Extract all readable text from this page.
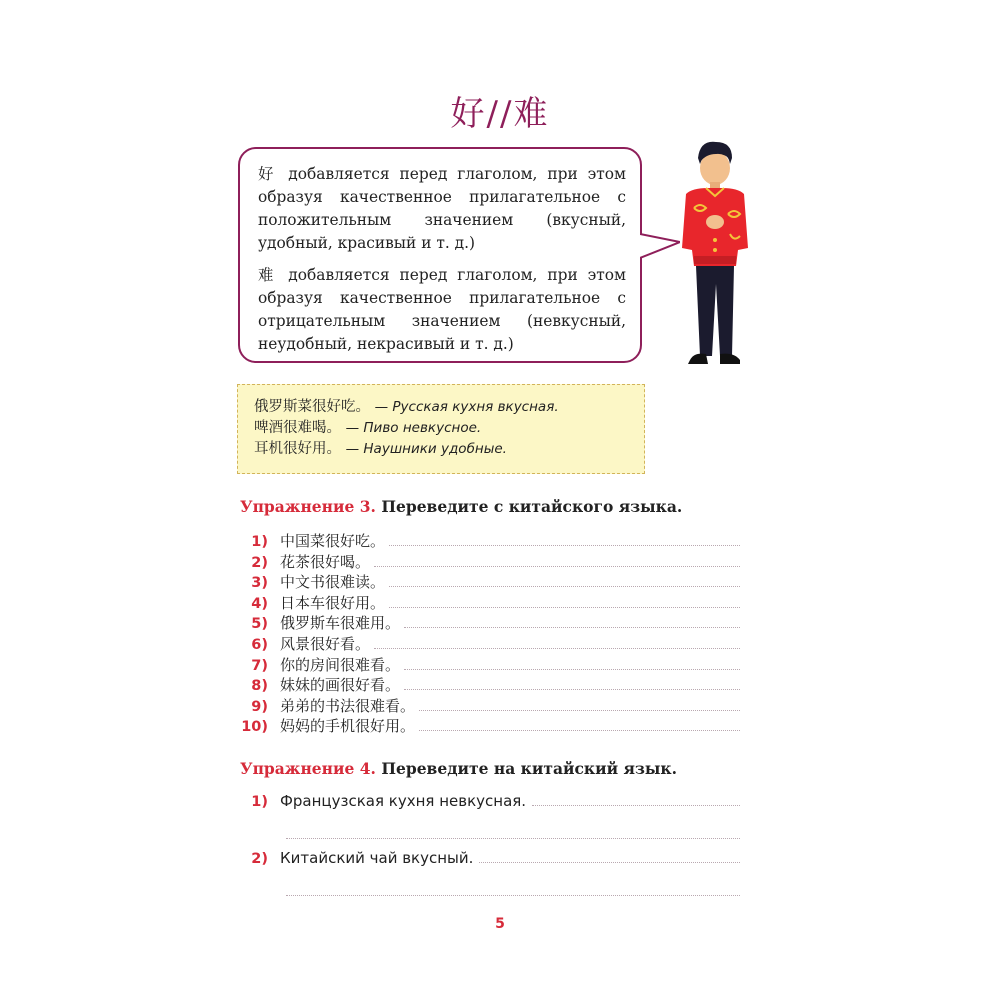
好//难

好 добавляется перед глаголом, при этом образуя качественное прилагательное с положительным значением (вкусный, удобный, красивый и т. д.)

难 добавляется перед глаголом, при этом образуя качественное прилагательное с отрицательным значением (невкусный, неудобный, некрасивый и т. д.)

俄罗斯菜很好吃。 — Русская кухня вкусная.
啤酒很难喝。 — Пиво невкусное.
耳机很好用。 — Наушники удобные.
Упражнение 3. Переведите с китайского языка.
1) 中国菜很好吃。
2) 花茶很好喝。
3) 中文书很难读。
4) 日本车很好用。
5) 俄罗斯车很难用。
6) 风景很好看。
7) 你的房间很难看。
8) 妹妹的画很好看。
9) 弟弟的书法很难看。
10) 妈妈的手机很好用。
Упражнение 4. Переведите на китайский язык.
1) Французская кухня невкусная.
2) Китайский чай вкусный.
5
